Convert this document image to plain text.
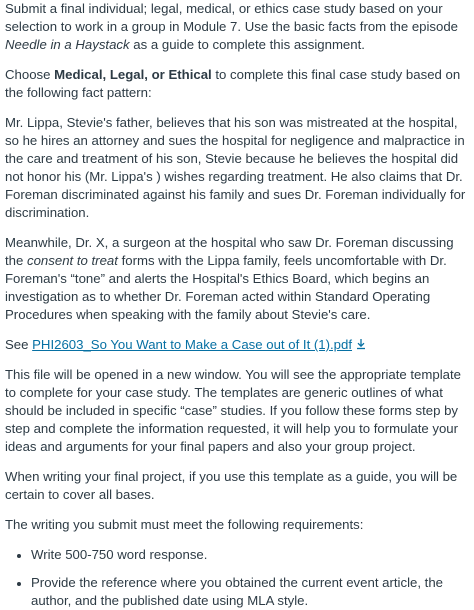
Submit a final individual; legal, medical, or ethics case study based on your selection to work in a group in Module 7. Use the basic facts from the episode Needle in a Haystack as a guide to complete this assignment.

Choose Medical, Legal, or Ethical to complete this final case study based on the following fact pattern:

Mr. Lippa, Stevie's father, believes that his son was mistreated at the hospital, so he hires an attorney and sues the hospital for negligence and malpractice in the care and treatment of his son, Stevie because he believes the hospital did not honor his (Mr. Lippa's ) wishes regarding treatment. He also claims that Dr. Foreman discriminated against his family and sues Dr. Foreman individually for discrimination.

Meanwhile, Dr. X, a surgeon at the hospital who saw Dr. Foreman discussing the consent to treat forms with the Lippa family, feels uncomfortable with Dr. Foreman's “tone” and alerts the Hospital's Ethics Board, which begins an investigation as to whether Dr. Foreman acted within Standard Operating Procedures when speaking with the family about Stevie's care.

See PHI2603_So You Want to Make a Case out of It (1).pdf

This file will be opened in a new window. You will see the appropriate template to complete for your case study. The templates are generic outlines of what should be included in specific “case” studies. If you follow these forms step by step and complete the information requested, it will help you to formulate your ideas and arguments for your final papers and also your group project.

When writing your final project, if you use this template as a guide, you will be certain to cover all bases.

The writing you submit must meet the following requirements:

• Write 500-750 word response.
• Provide the reference where you obtained the current event article, the author, and the published date using MLA style.
